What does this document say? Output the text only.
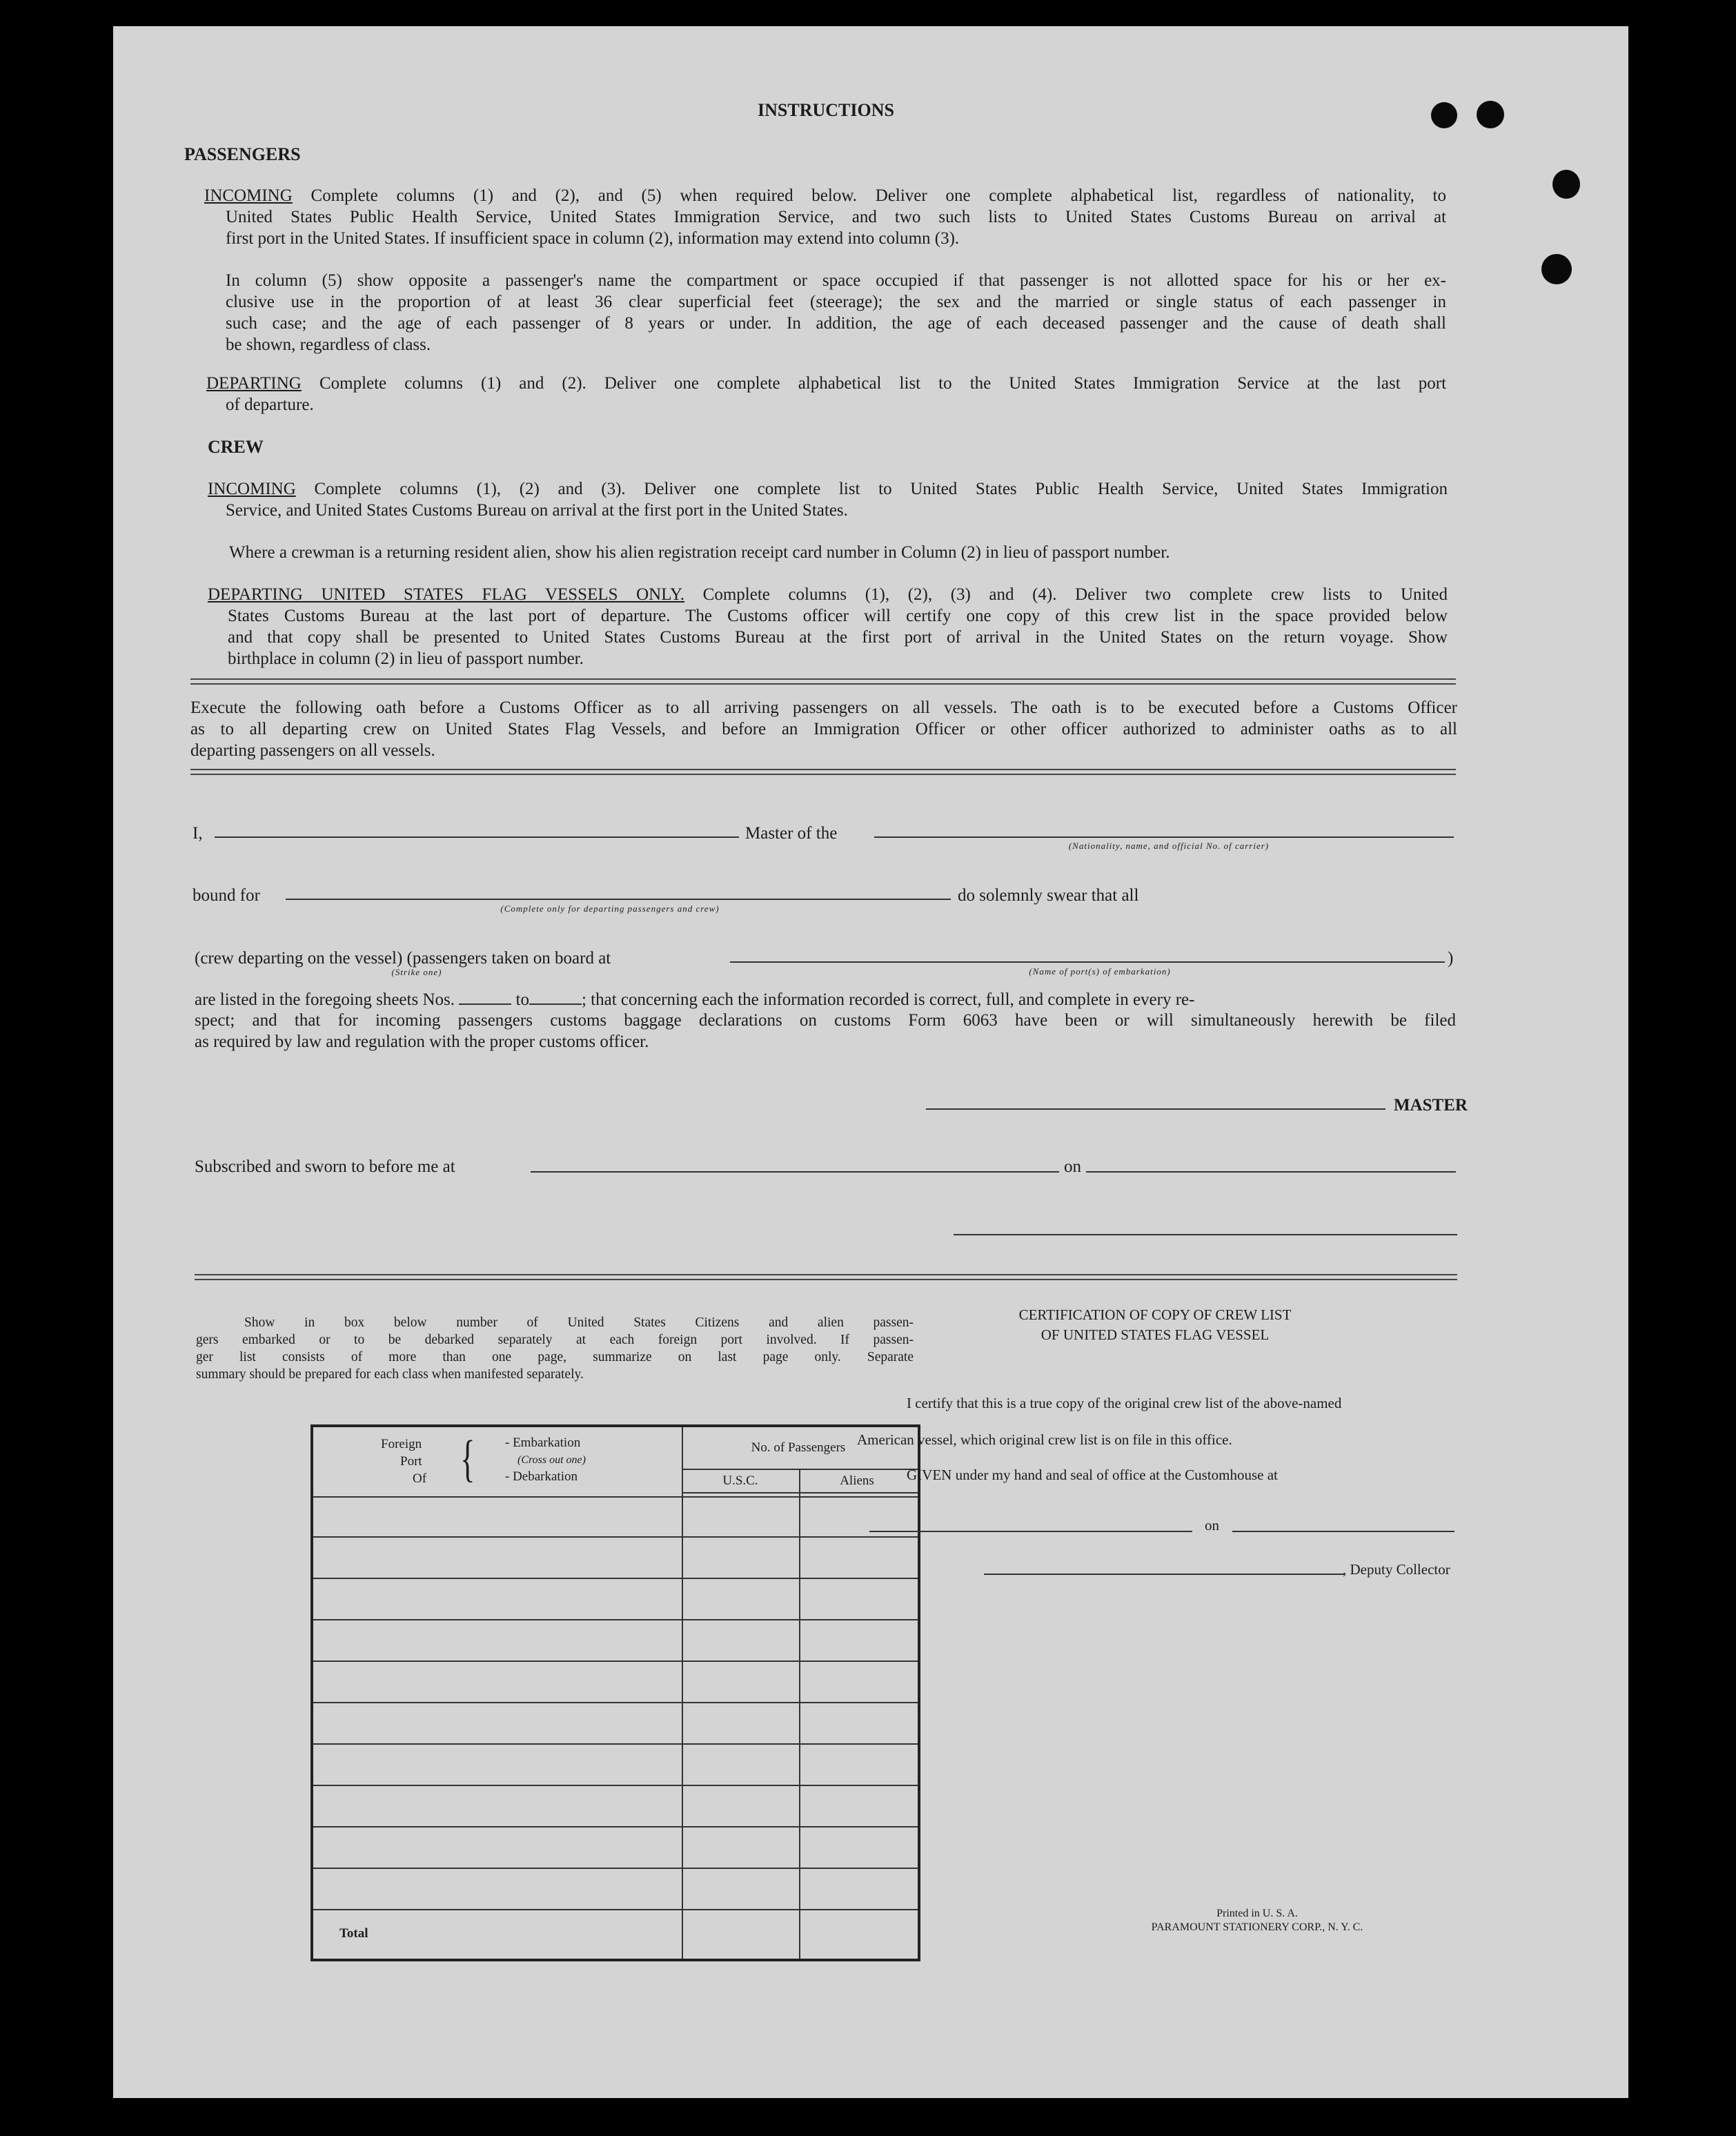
INSTRUCTIONS
PASSENGERS
INCOMING Complete columns (1) and (2), and (5) when required below. Deliver one complete alphabetical list, regardless of nationality, to
United States Public Health Service, United States Immigration Service, and two such lists to United States Customs Bureau on arrival at
first port in the United States. If insufficient space in column (2), information may extend into column (3).
In column (5) show opposite a passenger's name the compartment or space occupied if that passenger is not allotted space for his or her ex-
clusive use in the proportion of at least 36 clear superficial feet (steerage); the sex and the married or single status of each passenger in
such case; and the age of each passenger of 8 years or under. In addition, the age of each deceased passenger and the cause of death shall
be shown, regardless of class.
DEPARTING Complete columns (1) and (2). Deliver one complete alphabetical list to the United States Immigration Service at the last port
of departure.
CREW
INCOMING Complete columns (1), (2) and (3). Deliver one complete list to United States Public Health Service, United States Immigration
Service, and United States Customs Bureau on arrival at the first port in the United States.
Where a crewman is a returning resident alien, show his alien registration receipt card number in Column (2) in lieu of passport number.
DEPARTING UNITED STATES FLAG VESSELS ONLY. Complete columns (1), (2), (3) and (4). Deliver two complete crew lists to United
States Customs Bureau at the last port of departure. The Customs officer will certify one copy of this crew list in the space provided below
and that copy shall be presented to United States Customs Bureau at the first port of arrival in the United States on the return voyage. Show
birthplace in column (2) in lieu of passport number.
Execute the following oath before a Customs Officer as to all arriving passengers on all vessels. The oath is to be executed before a Customs Officer
as to all departing crew on United States Flag Vessels, and before an Immigration Officer or other officer authorized to administer oaths as to all
departing passengers on all vessels.
I,	Master of the
(Nationality, name, and official No. of carrier)
bound for
(Complete only for departing passengers and crew)
do solemnly swear that all
(crew departing on the vessel) (passengers taken on board at
(Strike one)
)
(Name of port(s) of embarkation)
are listed in the foregoing sheets Nos.	to	; that concerning each the information recorded is correct, full, and complete in every re-
spect; and that for incoming passengers customs baggage declarations on customs Form 6063 have been or will simultaneously herewith be filed
as required by law and regulation with the proper customs officer.
MASTER
Subscribed and sworn to before me at	on
Show in box below number of United States Citizens and alien passen-
gers embarked or to be debarked separately at each foreign port involved. If passen-
ger list consists of more than one page, summarize on last page only. Separate
summary should be prepared for each class when manifested separately.
Foreign
Port
Of { - Embarkation
(Cross out one)
- Debarkation
No. of Passengers
U.S.C.	Aliens
Total
CERTIFICATION OF COPY OF CREW LIST
OF UNITED STATES FLAG VESSEL
I certify that this is a true copy of the original crew list of the above-named
American vessel, which original crew list is on file in this office.
GIVEN under my hand and seal of office at the Customhouse at
on
, Deputy Collector
Printed in U. S. A.
PARAMOUNT STATIONERY CORP., N. Y. C.
